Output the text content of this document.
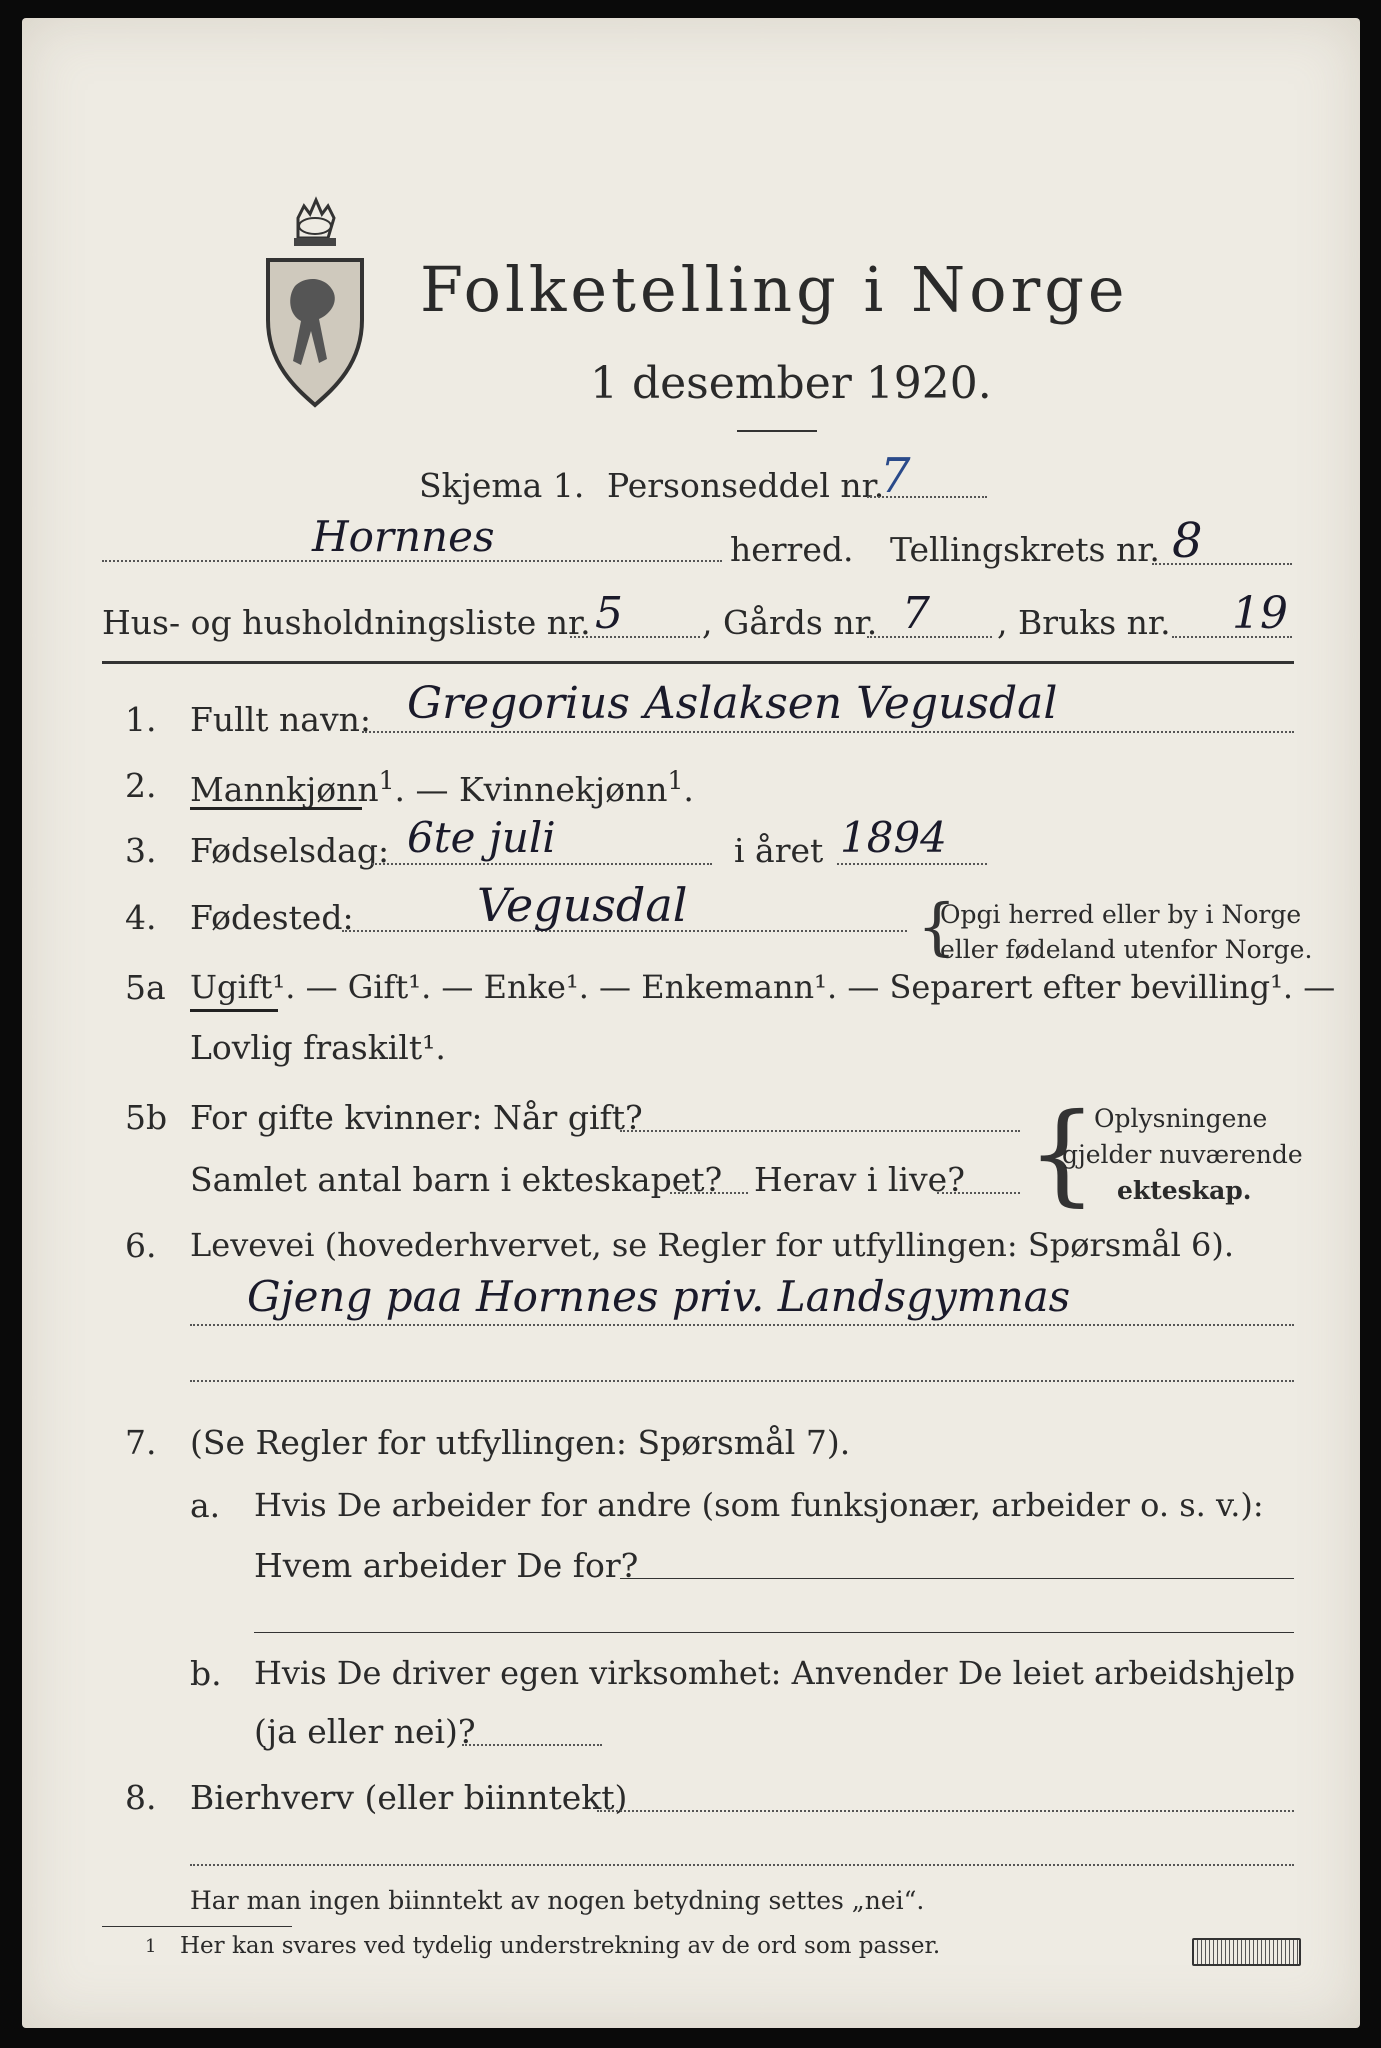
Folketelling i Norge
1 desember 1920.
Skjema 1. Personseddel nr.
7
Hornnes	herred. Tellingskrets nr. 8
Hus- og husholdningsliste nr. 5 , Gårds nr. 7 , Bruks nr. 19
1. Fullt navn: Gregorius Aslaksen Vegusdal
2. Mannkjønn$^1$. — Kvinnekjønn$^1$.
3. Fødselsdag: 6te juli	i året 1894
4. Fødested:	Vegusdal	{
Opgi herred eller by i Norge
eller fødeland utenfor Norge.
5a Ugift¹. — Gift¹. — Enke¹. — Enkemann¹. — Separert efter bevilling¹. —
Lovlig fraskilt¹.
5b For gifte kvinner: Når gift?
Samlet antal barn i ekteskapet? Herav i live? {
Oplysningene
gjelder nuværende
ekteskap.
6. Levevei (hovederhvervet, se Regler for utfyllingen: Spørsmål 6).
Gjeng paa Hornnes priv. Landsgymnas
7. (Se Regler for utfyllingen: Spørsmål 7).
a. Hvis De arbeider for andre (som funksjonær, arbeider o. s. v.):
Hvem arbeider De for?
b. Hvis De driver egen virksomhet: Anvender De leiet arbeidshjelp
(ja eller nei)?
8. Bierhverv (eller biinntekt)
Har man ingen biinntekt av nogen betydning settes „nei“.
1 Her kan svares ved tydelig understrekning av de ord som passer.
